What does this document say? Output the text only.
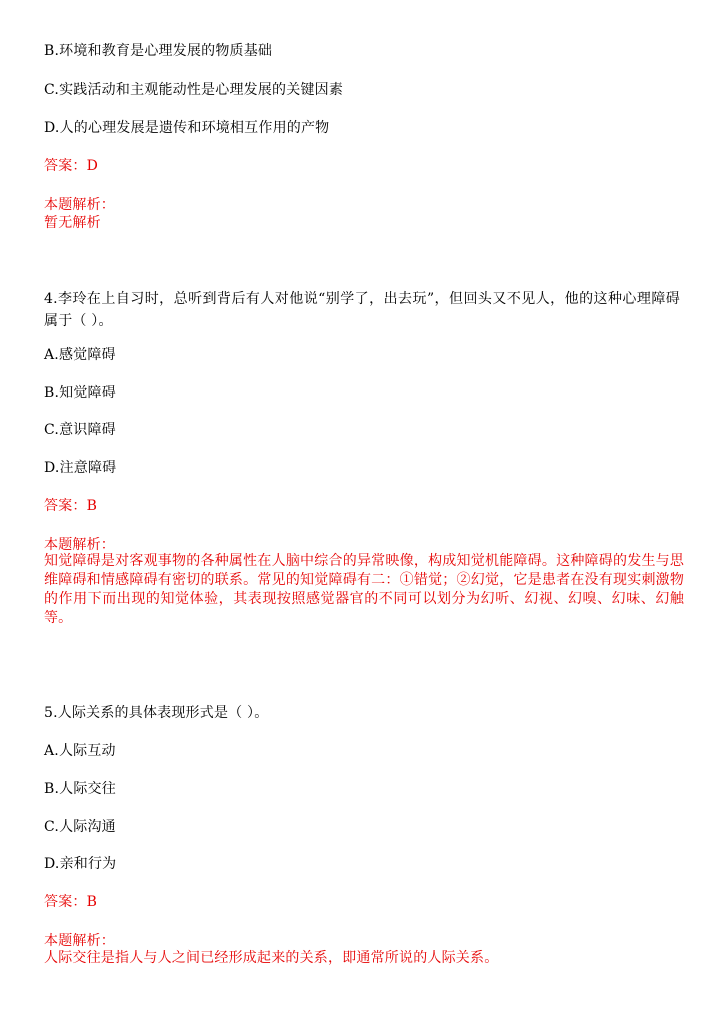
B.环境和教育是心理发展的物质基础
C.实践活动和主观能动性是心理发展的关键因素
D.人的心理发展是遗传和环境相互作用的产物
答案：D
本题解析：
暂无解析
4.李玲在上自习时，总听到背后有人对他说“别学了，出去玩”，但回头又不见人，他的这种心理障碍属于（ ）。
A.感觉障碍
B.知觉障碍
C.意识障碍
D.注意障碍
答案：B
本题解析：
知觉障碍是对客观事物的各种属性在人脑中综合的异常映像，构成知觉机能障碍。这种障碍的发生与思维障碍和情感障碍有密切的联系。常见的知觉障碍有二：①错觉；②幻觉，它是患者在没有现实刺激物的作用下而出现的知觉体验，其表现按照感觉器官的不同可以划分为幻听、幻视、幻嗅、幻味、幻触等。
5.人际关系的具体表现形式是（ ）。
A.人际互动
B.人际交往
C.人际沟通
D.亲和行为
答案：B
本题解析：
人际交往是指人与人之间已经形成起来的关系，即通常所说的人际关系。
